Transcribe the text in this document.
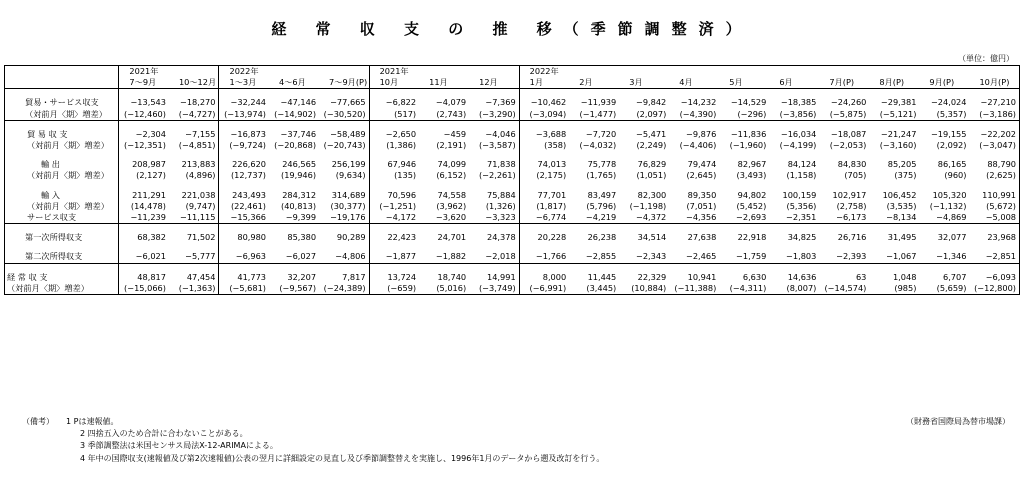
経 常 収 支 の 推 移（季節調整済）
（単位：億円）
	2021年		2022年			2021年			2022年									
	7〜9月	10〜12月	1〜3月	4〜6月	7〜9月(P)	10月	11月	12月	1月	2月	3月	4月	5月	6月	7月(P)	8月(P)	9月(P)	10月(P)

貿易・サービス収支	−13,543	−18,270	−32,244	−47,146	−77,665	−6,822	−4,079	−7,369	−10,462	−11,939	−9,842	−14,232	−14,529	−18,385	−24,260	−29,381	−24,024	−27,210
（対前月〈期〉増差）	(−12,460)	(−4,727)	(−13,974)	(−14,902)	(−30,520)	(517)	(2,743)	(−3,290)	(−3,094)	(−1,477)	(2,097)	(−4,390)	(−296)	(−3,856)	(−5,875)	(−5,121)	(5,357)	(−3,186)

貿 易 収 支	−2,304	−7,155	−16,873	−37,746	−58,489	−2,650	−459	−4,046	−3,688	−7,720	−5,471	−9,876	−11,836	−16,034	−18,087	−21,247	−19,155	−22,202
（対前月〈期〉増差）	(−12,351)	(−4,851)	(−9,724)	(−20,868)	(−20,743)	(1,386)	(2,191)	(−3,587)	(358)	(−4,032)	(2,249)	(−4,406)	(−1,960)	(−4,199)	(−2,053)	(−3,160)	(2,092)	(−3,047)

輸 出	208,987	213,883	226,620	246,565	256,199	67,946	74,099	71,838	74,013	75,778	76,829	79,474	82,967	84,124	84,830	85,205	86,165	88,790
（対前月〈期〉増差）	(2,127)	(4,896)	(12,737)	(19,946)	(9,634)	(135)	(6,152)	(−2,261)	(2,175)	(1,765)	(1,051)	(2,645)	(3,493)	(1,158)	(705)	(375)	(960)	(2,625)

輸 入	211,291	221,038	243,493	284,312	314,689	70,596	74,558	75,884	77,701	83,497	82,300	89,350	94,802	100,159	102,917	106,452	105,320	110,991
（対前月〈期〉増差）	(14,478)	(9,747)	(22,461)	(40,813)	(30,377)	(−1,251)	(3,962)	(1,326)	(1,817)	(5,796)	(−1,198)	(7,051)	(5,452)	(5,356)	(2,758)	(3,535)	(−1,132)	(5,672)
サービス収支	−11,239	−11,115	−15,366	−9,399	−19,176	−4,172	−3,620	−3,323	−6,774	−4,219	−4,372	−4,356	−2,693	−2,351	−6,173	−8,134	−4,869	−5,008

第一次所得収支	68,382	71,502	80,980	85,380	90,289	22,423	24,701	24,378	20,228	26,238	34,514	27,638	22,918	34,825	26,716	31,495	32,077	23,968

第二次所得収支	−6,021	−5,777	−6,963	−6,027	−4,806	−1,877	−1,882	−2,018	−1,766	−2,855	−2,343	−2,465	−1,759	−1,803	−2,393	−1,067	−1,346	−2,851

経 常 収 支	48,817	47,454	41,773	32,207	7,817	13,724	18,740	14,991	8,000	11,445	22,329	10,941	6,630	14,636	63	1,048	6,707	−6,093
（対前月〈期〉増差）	(−15,066)	(−1,363)	(−5,681)	(−9,567)	(−24,389)	(−659)	(5,016)	(−3,749)	(−6,991)	(3,445)	(10,884)	(−11,388)	(−4,311)	(8,007)	(−14,574)	(985)	(5,659)	(−12,800)
（備考）　　1 Pは速報値。
2 四捨五入のため合計に合わないことがある。
3 季節調整法は米国センサス局法X-12-ARIMAによる。
4 年中の国際収支(速報値及び第2次速報値)公表の翌月に詳細設定の見直し及び季節調整替えを実施し、1996年1月のデータから遡及改訂を行う。
（財務省国際局為替市場課）
